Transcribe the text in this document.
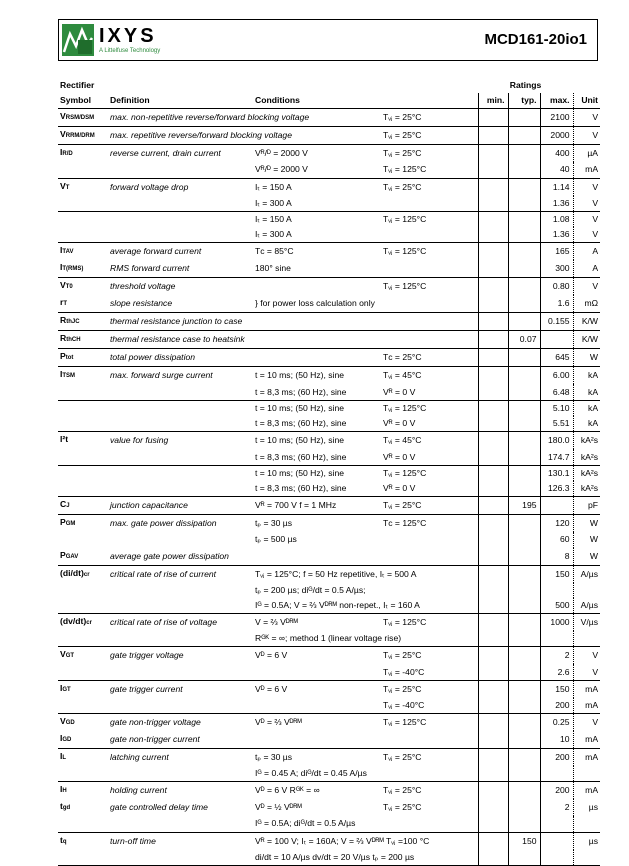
IXYS
A Littelfuse Technology
MCD161-20io1
Rectifier				Ratings			
Symbol	Definition	Conditions		min.	typ.	max.	Unit
VRSM/DSM	max. non-repetitive reverse/forward blocking voltage		Tᵥⱼ = 25°C			2100	V
VRRM/DRM	max. repetitive reverse/forward blocking voltage		Tᵥⱼ = 25°C			2000	V
IR/D	reverse current, drain current	Vᴿ/ᴰ = 2000 V	Tᵥⱼ = 25°C			400	µA
		Vᴿ/ᴰ = 2000 V	Tᵥⱼ = 125°C			40	mA
VT	forward voltage drop	Iₜ = 150 A	Tᵥⱼ = 25°C			1.14	V
		Iₜ = 300 A				1.36	V
		Iₜ = 150 A	Tᵥⱼ = 125°C			1.08	V
		Iₜ = 300 A				1.36	V
ITAV	average forward current	Tᴄ = 85°C	Tᵥⱼ = 125°C			165	A
IT(RMS)	RMS forward current	180° sine				300	A
VT0	threshold voltage		Tᵥⱼ = 125°C			0.80	V
rT	slope resistance	} for power loss calculation only				1.6	mΩ
RthJC	thermal resistance junction to case					0.155	K/W
RthCH	thermal resistance case to heatsink				0.07		K/W
Ptot	total power dissipation		Tᴄ = 25°C			645	W
ITSM	max. forward surge current	t = 10 ms; (50 Hz), sine	Tᵥⱼ = 45°C			6.00	kA
		t = 8,3 ms; (60 Hz), sine	Vᴿ = 0 V			6.48	kA
		t = 10 ms; (50 Hz), sine	Tᵥⱼ = 125°C			5.10	kA
		t = 8,3 ms; (60 Hz), sine	Vᴿ = 0 V			5.51	kA
I²t	value for fusing	t = 10 ms; (50 Hz), sine	Tᵥⱼ = 45°C			180.0	kA²s
		t = 8,3 ms; (60 Hz), sine	Vᴿ = 0 V			174.7	kA²s
		t = 10 ms; (50 Hz), sine	Tᵥⱼ = 125°C			130.1	kA²s
		t = 8,3 ms; (60 Hz), sine	Vᴿ = 0 V			126.3	kA²s
CJ	junction capacitance	Vᴿ = 700 V f = 1 MHz	Tᵥⱼ = 25°C		195		pF
PGM	max. gate power dissipation	tₚ = 30 µs	Tᴄ = 125°C			120	W
		tₚ = 500 µs				60	W
PGAV	average gate power dissipation					8	W
(di/dt)cr	critical rate of rise of current	Tᵥⱼ = 125°C; f = 50 Hz repetitive, Iₜ = 500 A				150	A/µs
		tₚ = 200 µs; diᴳ/dt = 0.5 A/µs;					
		Iᴳ = 0.5A; V = ⅔ Vᴰᴿᴹ non-repet., Iₜ = 160 A				500	A/µs
(dv/dt)cr	critical rate of rise of voltage	V = ⅔ Vᴰᴿᴹ	Tᵥⱼ = 125°C			1000	V/µs
		Rᴳᴷ = ∞; method 1 (linear voltage rise)					
VGT	gate trigger voltage	Vᴰ = 6 V	Tᵥⱼ = 25°C			2	V
			Tᵥⱼ = -40°C			2.6	V
IGT	gate trigger current	Vᴰ = 6 V	Tᵥⱼ = 25°C			150	mA
			Tᵥⱼ = -40°C			200	mA
VGD	gate non-trigger voltage	Vᴰ = ⅔ Vᴰᴿᴹ	Tᵥⱼ = 125°C			0.25	V
IGD	gate non-trigger current					10	mA
IL	latching current	tₚ = 30 µs	Tᵥⱼ = 25°C			200	mA
		Iᴳ = 0.45 A; diᴳ/dt = 0.45 A/µs					
IH	holding current	Vᴰ = 6 V Rᴳᴷ = ∞	Tᵥⱼ = 25°C			200	mA
tgd	gate controlled delay time	Vᴰ = ½ Vᴰᴿᴹ	Tᵥⱼ = 25°C			2	µs
		Iᴳ = 0.5A; diᴳ/dt = 0.5 A/µs					
tq	turn-off time	Vᴿ = 100 V; Iₜ = 160A; V = ⅔ Vᴰᴿᴹ Tᵥⱼ =100 °C			150		µs
		di/dt = 10 A/µs dv/dt = 20 V/µs tₚ = 200 µs					
